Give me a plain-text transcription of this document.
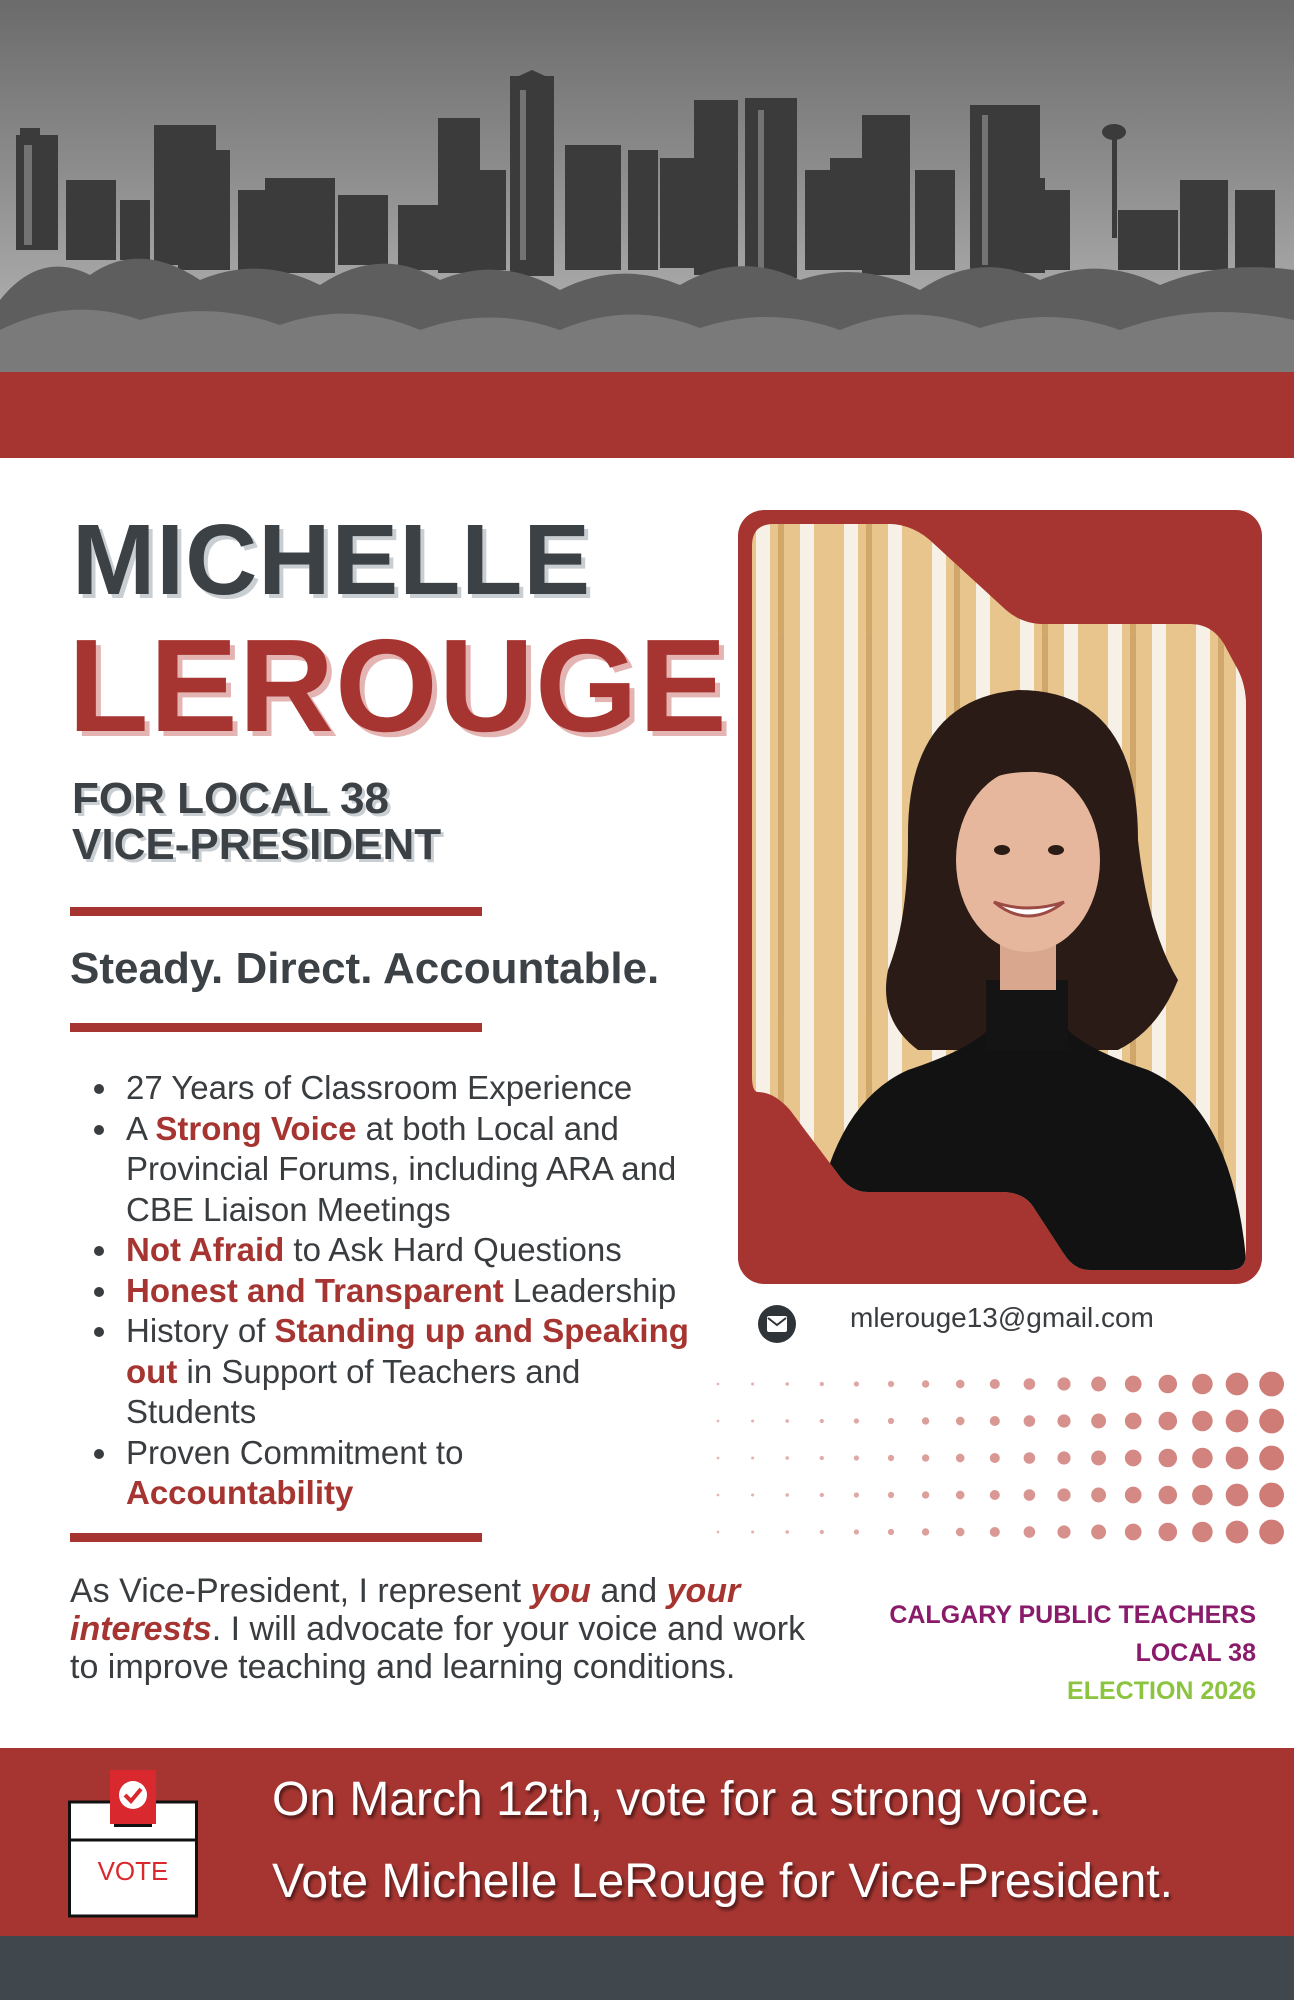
MICHELLE
LEROUGE
FOR LOCAL 38
VICE-PRESIDENT
Steady. Direct. Accountable.
27 Years of Classroom Experience
A Strong Voice at both Local and Provincial Forums, including ARA and CBE Liaison Meetings
Not Afraid to Ask Hard Questions
Honest and Transparent Leadership
History of Standing up and Speaking out in Support of Teachers and Students
Proven Commitment to Accountability

As Vice-President, I represent you and your interests. I will advocate for your voice and work to improve teaching and learning conditions.

mlerouge13@gmail.com
CALGARY PUBLIC TEACHERS
LOCAL 38
ELECTION 2026
VOTE
On March 12th, vote for a strong voice.
Vote Michelle LeRouge for Vice-President.
